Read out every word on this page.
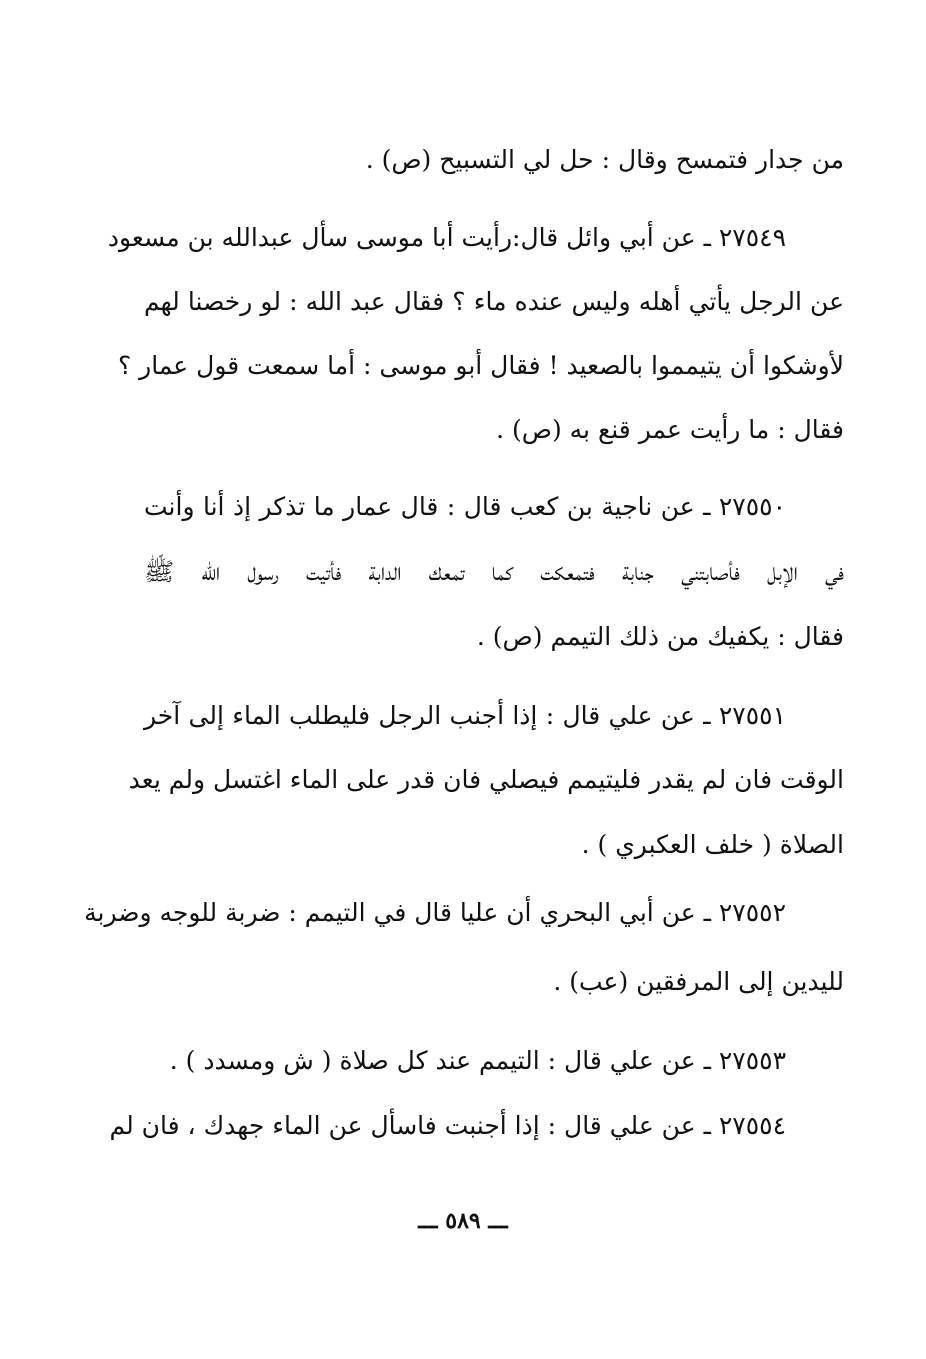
من جدار فتمسح وقال : حل لي التسبيح (ص) .
٢٧٥٤٩ ـ عن أبي وائل قال:رأيت أبا موسى سأل عبدالله بن مسعود
عن الرجل يأتي أهله وليس عنده ماء ؟ فقال عبد الله : لو رخصنا لهم
لأوشكوا أن يتيمموا بالصعيد ! فقال أبو موسى : أما سمعت قول عمار ؟
فقال : ما رأيت عمر قنع به (ص) .
٢٧٥٥٠ ـ عن ناجية بن كعب قال : قال عمار ما تذكر إذ أنا وأنت
في الإبل فأصابتني جنابة فتمعكت كما تمعك الدابة فأتيت رسول الله ﷺ
فقال : يكفيك من ذلك التيمم (ص) .
٢٧٥٥١ ـ عن علي قال : إذا أجنب الرجل فليطلب الماء إلى آخر
الوقت فان لم يقدر فليتيمم فيصلي فان قدر على الماء اغتسل ولم يعد
الصلاة ( خلف العكبري ) .
٢٧٥٥٢ ـ عن أبي البحري أن عليا قال في التيمم : ضربة للوجه وضربة
لليدين إلى المرفقين (عب) .
٢٧٥٥٣ ـ عن علي قال : التيمم عند كل صلاة ( ش ومسدد ) .
٢٧٥٥٤ ـ عن علي قال : إذا أجنبت فاسأل عن الماء جهدك ، فان لم
ـــ ٥٨٩ ـــ
